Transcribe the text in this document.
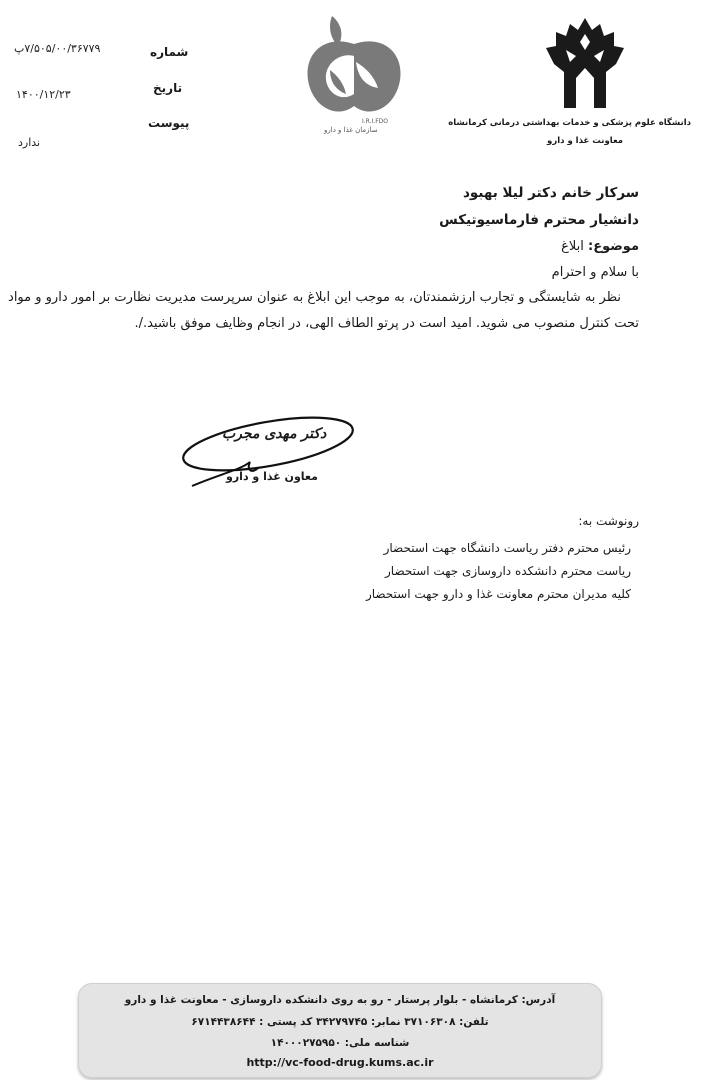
شماره
۷/۵۰۵/۰۰/۳۶۷۷۹پ
تاریخ
۱۴۰۰/۱۲/۲۳
پیوست
ندارد
I.R.I.FDO
سازمان غذا و دارو
دانشگاه علوم پزشکی و خدمات بهداشتی درمانی کرمانشاه
معاونت غذا و دارو
سرکار خانم دکتر لیلا بهبود
دانشیار محترم فارماسیوتیکس
موضوع: ابلاغ
با سلام و احترام
نظر به شایستگی و تجارب ارزشمندتان، به موجب این ابلاغ به عنوان سرپرست مدیریت نظارت بر امور دارو و مواد
تحت کنترل منصوب می شوید. امید است در پرتو الطاف الهی، در انجام وظایف موفق باشید./.
دکتر مهدی مجرب
معاون غذا و دارو
رونوشت به:
رئیس محترم دفتر ریاست دانشگاه جهت استحضار
ریاست محترم دانشکده داروسازی جهت استحضار
کلیه مدیران محترم معاونت غذا و دارو جهت استحضار
آدرس: کرمانشاه - بلوار پرستار - رو به روی دانشکده داروسازی - معاونت غذا و دارو
تلفن: ۳۷۱۰۶۳۰۸ نمابر: ۳۴۲۷۹۷۴۵ کد پستی : ۶۷۱۴۴۳۸۶۴۴
شناسه ملی: ۱۴۰۰۰۲۷۵۹۵۰
http://vc-food-drug.kums.ac.ir
